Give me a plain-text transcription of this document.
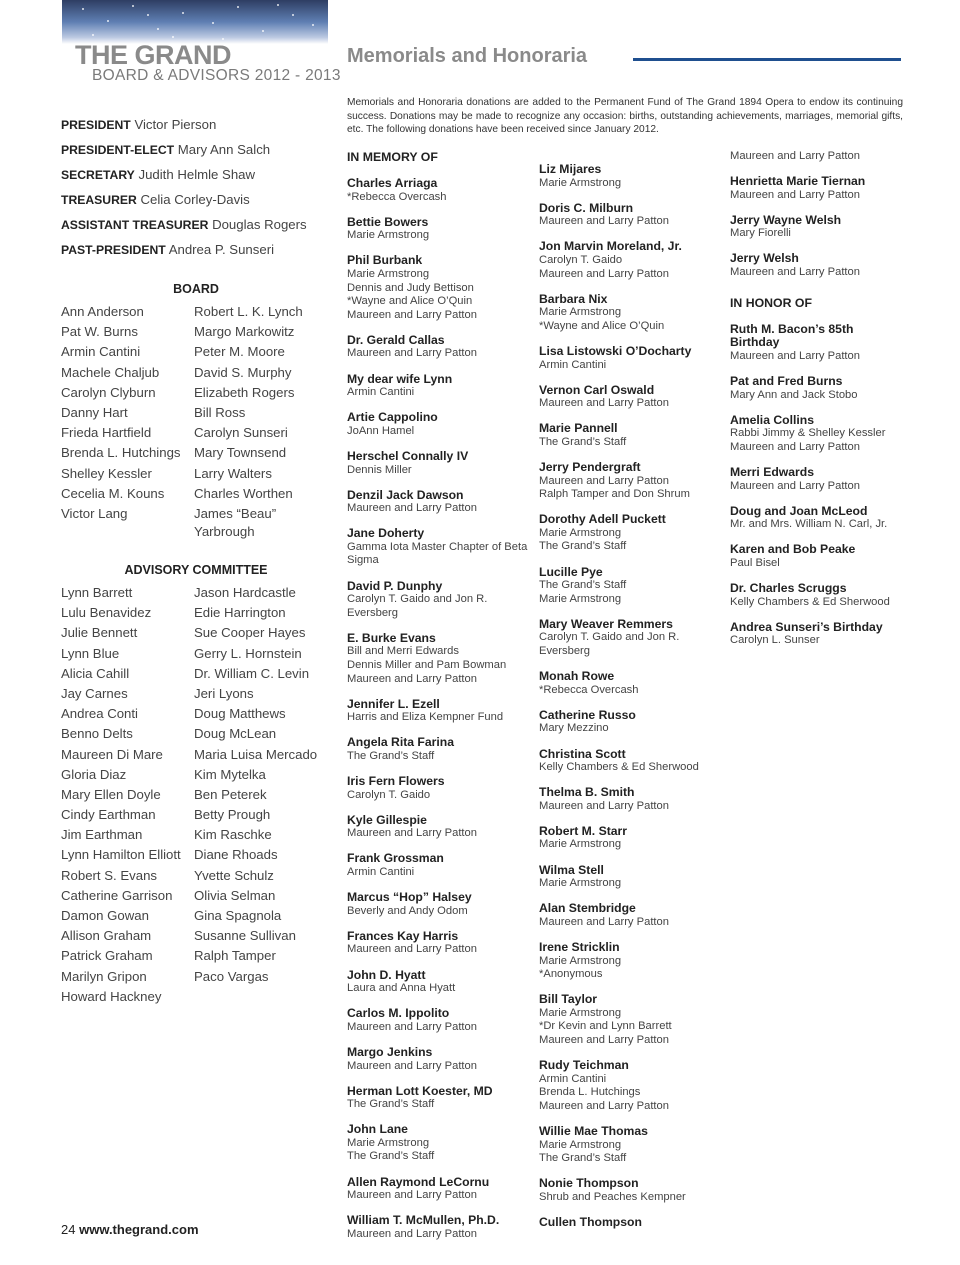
THE GRAND

BOARD & ADVISORS 2012 - 2013

Memorials and Honoraria

Memorials and Honoraria donations are added to the Permanent Fund of The Grand 1894 Opera to endow its continuing success. Donations may be made to recognize any occasion: births, outstanding achievements, marriages, memorial gifts, etc. The following donations have been received since January 2012.

PRESIDENT Victor Pierson
PRESIDENT-ELECT Mary Ann Salch
SECRETARY Judith Helmle Shaw
TREASURER Celia Corley-Davis
ASSISTANT TREASURER Douglas Rogers
PAST-PRESIDENT Andrea P. Sunseri
BOARD
Ann Anderson
Pat W. Burns
Armin Cantini
Machele Chaljub
Carolyn Clyburn
Danny Hart
Frieda Hartfield
Brenda L. Hutchings
Shelley Kessler
Cecelia M. Kouns
Victor Lang
Robert L. K. Lynch
Margo Markowitz
Peter M. Moore
David S. Murphy
Elizabeth Rogers
Bill Ross
Carolyn Sunseri
Mary Townsend
Larry Walters
Charles Worthen
James “Beau” Yarbrough
ADVISORY COMMITTEE
Lynn Barrett
Lulu Benavidez
Julie Bennett
Lynn Blue
Alicia Cahill
Jay Carnes
Andrea Conti
Benno Delts
Maureen Di Mare
Gloria Diaz
Mary Ellen Doyle
Cindy Earthman
Jim Earthman
Lynn Hamilton Elliott
Robert S. Evans
Catherine Garrison
Damon Gowan
Allison Graham
Patrick Graham
Marilyn Gripon
Howard Hackney
Jason Hardcastle
Edie Harrington
Sue Cooper Hayes
Gerry L. Hornstein
Dr. William C. Levin
Jeri Lyons
Doug Matthews
Doug McLean
Maria Luisa Mercado
Kim Mytelka
Ben Peterek
Betty Prough
Kim Raschke
Diane Rhoads
Yvette Schulz
Olivia Selman
Gina Spagnola
Susanne Sullivan
Ralph Tamper
Paco Vargas
IN MEMORY OF
Charles Arriaga
*Rebecca Overcash
Bettie Bowers
Marie Armstrong
Phil Burbank
Marie Armstrong
Dennis and Judy Bettison
*Wayne and Alice O’Quin
Maureen and Larry Patton
Dr. Gerald Callas
Maureen and Larry Patton
My dear wife Lynn
Armin Cantini
Artie Cappolino
JoAnn Hamel
Herschel Connally IV
Dennis Miller
Denzil Jack Dawson
Maureen and Larry Patton
Jane Doherty
Gamma Iota Master Chapter of Beta Sigma
David P. Dunphy
Carolyn T. Gaido and Jon R. Eversberg
E. Burke Evans
Bill and Merri Edwards
Dennis Miller and Pam Bowman
Maureen and Larry Patton
Jennifer L. Ezell
Harris and Eliza Kempner Fund
Angela Rita Farina
The Grand’s Staff
Iris Fern Flowers
Carolyn T. Gaido
Kyle Gillespie
Maureen and Larry Patton
Frank Grossman
Armin Cantini
Marcus “Hop” Halsey
Beverly and Andy Odom
Frances Kay Harris
Maureen and Larry Patton
John D. Hyatt
Laura and Anna Hyatt
Carlos M. Ippolito
Maureen and Larry Patton
Margo Jenkins
Maureen and Larry Patton
Herman Lott Koester, MD
The Grand’s Staff
John Lane
Marie Armstrong
The Grand’s Staff
Allen Raymond LeCornu
Maureen and Larry Patton
William T. McMullen, Ph.D.
Maureen and Larry Patton
Liz Mijares
Marie Armstrong
Doris C. Milburn
Maureen and Larry Patton
Jon Marvin Moreland, Jr.
Carolyn T. Gaido
Maureen and Larry Patton
Barbara Nix
Marie Armstrong
*Wayne and Alice O’Quin
Lisa Listowski O’Docharty
Armin Cantini
Vernon Carl Oswald
Maureen and Larry Patton
Marie Pannell
The Grand’s Staff
Jerry Pendergraft
Maureen and Larry Patton
Ralph Tamper and Don Shrum
Dorothy Adell Puckett
Marie Armstrong
The Grand’s Staff
Lucille Pye
The Grand’s Staff
Marie Armstrong
Mary Weaver Remmers
Carolyn T. Gaido and Jon R. Eversberg
Monah Rowe
*Rebecca Overcash
Catherine Russo
Mary Mezzino
Christina Scott
Kelly Chambers & Ed Sherwood
Thelma B. Smith
Maureen and Larry Patton
Robert M. Starr
Marie Armstrong
Wilma Stell
Marie Armstrong
Alan Stembridge
Maureen and Larry Patton
Irene Stricklin
Marie Armstrong
*Anonymous
Bill Taylor
Marie Armstrong
*Dr Kevin and Lynn Barrett
Maureen and Larry Patton
Rudy Teichman
Armin Cantini
Brenda L. Hutchings
Maureen and Larry Patton
Willie Mae Thomas
Marie Armstrong
The Grand’s Staff
Nonie Thompson
Shrub and Peaches Kempner
Cullen Thompson
Maureen and Larry Patton
Henrietta Marie Tiernan
Maureen and Larry Patton
Jerry Wayne Welsh
Mary Fiorelli
Jerry Welsh
Maureen and Larry Patton
IN HONOR OF
Ruth M. Bacon’s 85th Birthday
Maureen and Larry Patton
Pat and Fred Burns
Mary Ann and Jack Stobo
Amelia Collins
Rabbi Jimmy & Shelley Kessler
Maureen and Larry Patton
Merri Edwards
Maureen and Larry Patton
Doug and Joan McLeod
Mr. and Mrs. William N. Carl, Jr.
Karen and Bob Peake
Paul Bisel
Dr. Charles Scruggs
Kelly Chambers & Ed Sherwood
Andrea Sunseri’s Birthday
Carolyn L. Sunser
24 www.thegrand.com
